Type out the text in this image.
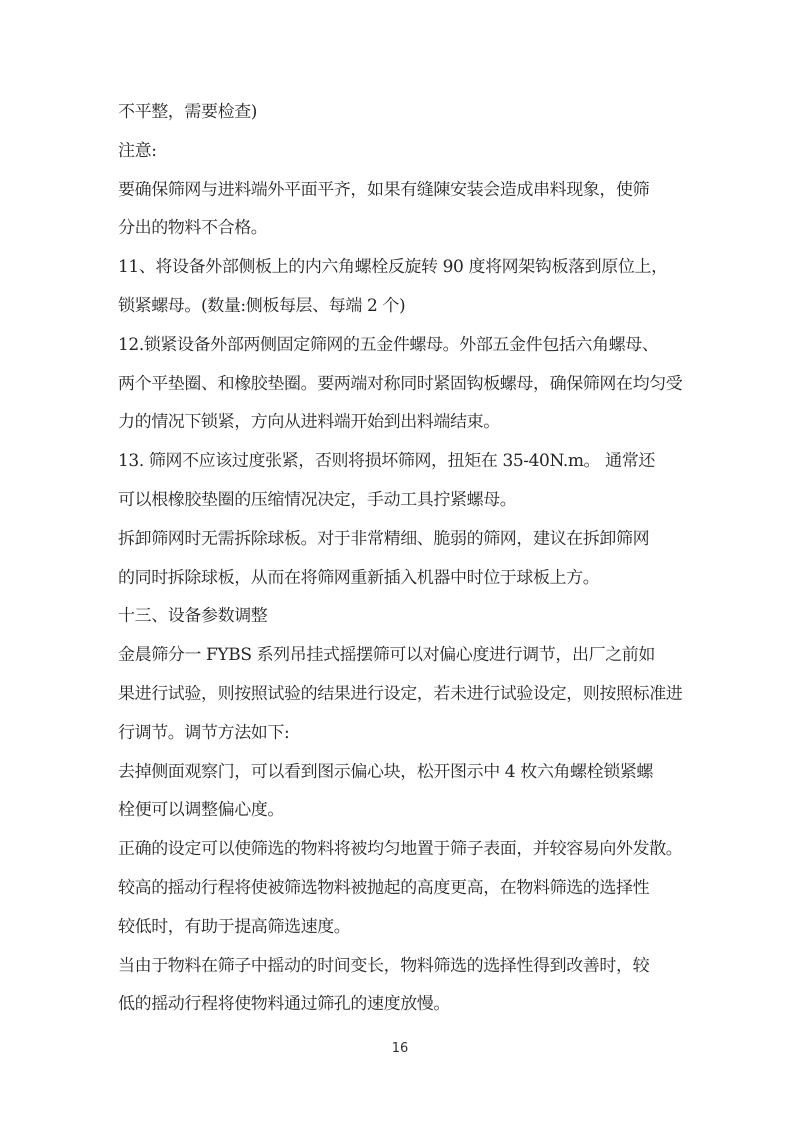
不平整，需要检查)
注意:
要确保筛网与进料端外平面平齐，如果有缝陳安装会造成串料现象，使筛
分出的物料不合格。
11、将设备外部侧板上的内六角螺栓反旋转 90 度将网架钩板落到原位上，
锁紧螺母。(数量:侧板每层、每端 2 个)
12.锁紧设备外部两侧固定筛网的五金件螺母。外部五金件包括六角螺母、
两个平垫圈、和橡胶垫圈。要两端对称同时紧固钩板螺母，确保筛网在均匀受
力的情况下锁紧，方向从进料端开始到出料端结束。
13. 筛网不应该过度张紧，否则将损坏筛网，扭矩在 35-40N.m。 通常还
可以根橡胶垫圈的压缩情况决定，手动工具拧紧螺母。
拆卸筛网时无需拆除球板。对于非常精细、脆弱的筛网，建议在拆卸筛网
的同时拆除球板，从而在将筛网重新插入机器中时位于球板上方。
十三、设备参数调整
金晨筛分一 FYBS 系列吊挂式摇摆筛可以对偏心度进行调节，出厂之前如
果进行试验，则按照试验的结果进行设定，若未进行试验设定，则按照标准进
行调节。调节方法如下:
去掉侧面观察门，可以看到图示偏心块，松开图示中 4 枚六角螺栓锁紧螺
栓便可以调整偏心度。
正确的设定可以使筛选的物料将被均匀地置于筛子表面，并较容易向外发散。
较高的摇动行程将使被筛选物料被抛起的高度更高，在物料筛选的选择性
较低时，有助于提高筛选速度。
当由于物料在筛子中摇动的时间变长，物料筛选的选择性得到改善时，较
低的摇动行程将使物料通过筛孔的速度放慢。
16
